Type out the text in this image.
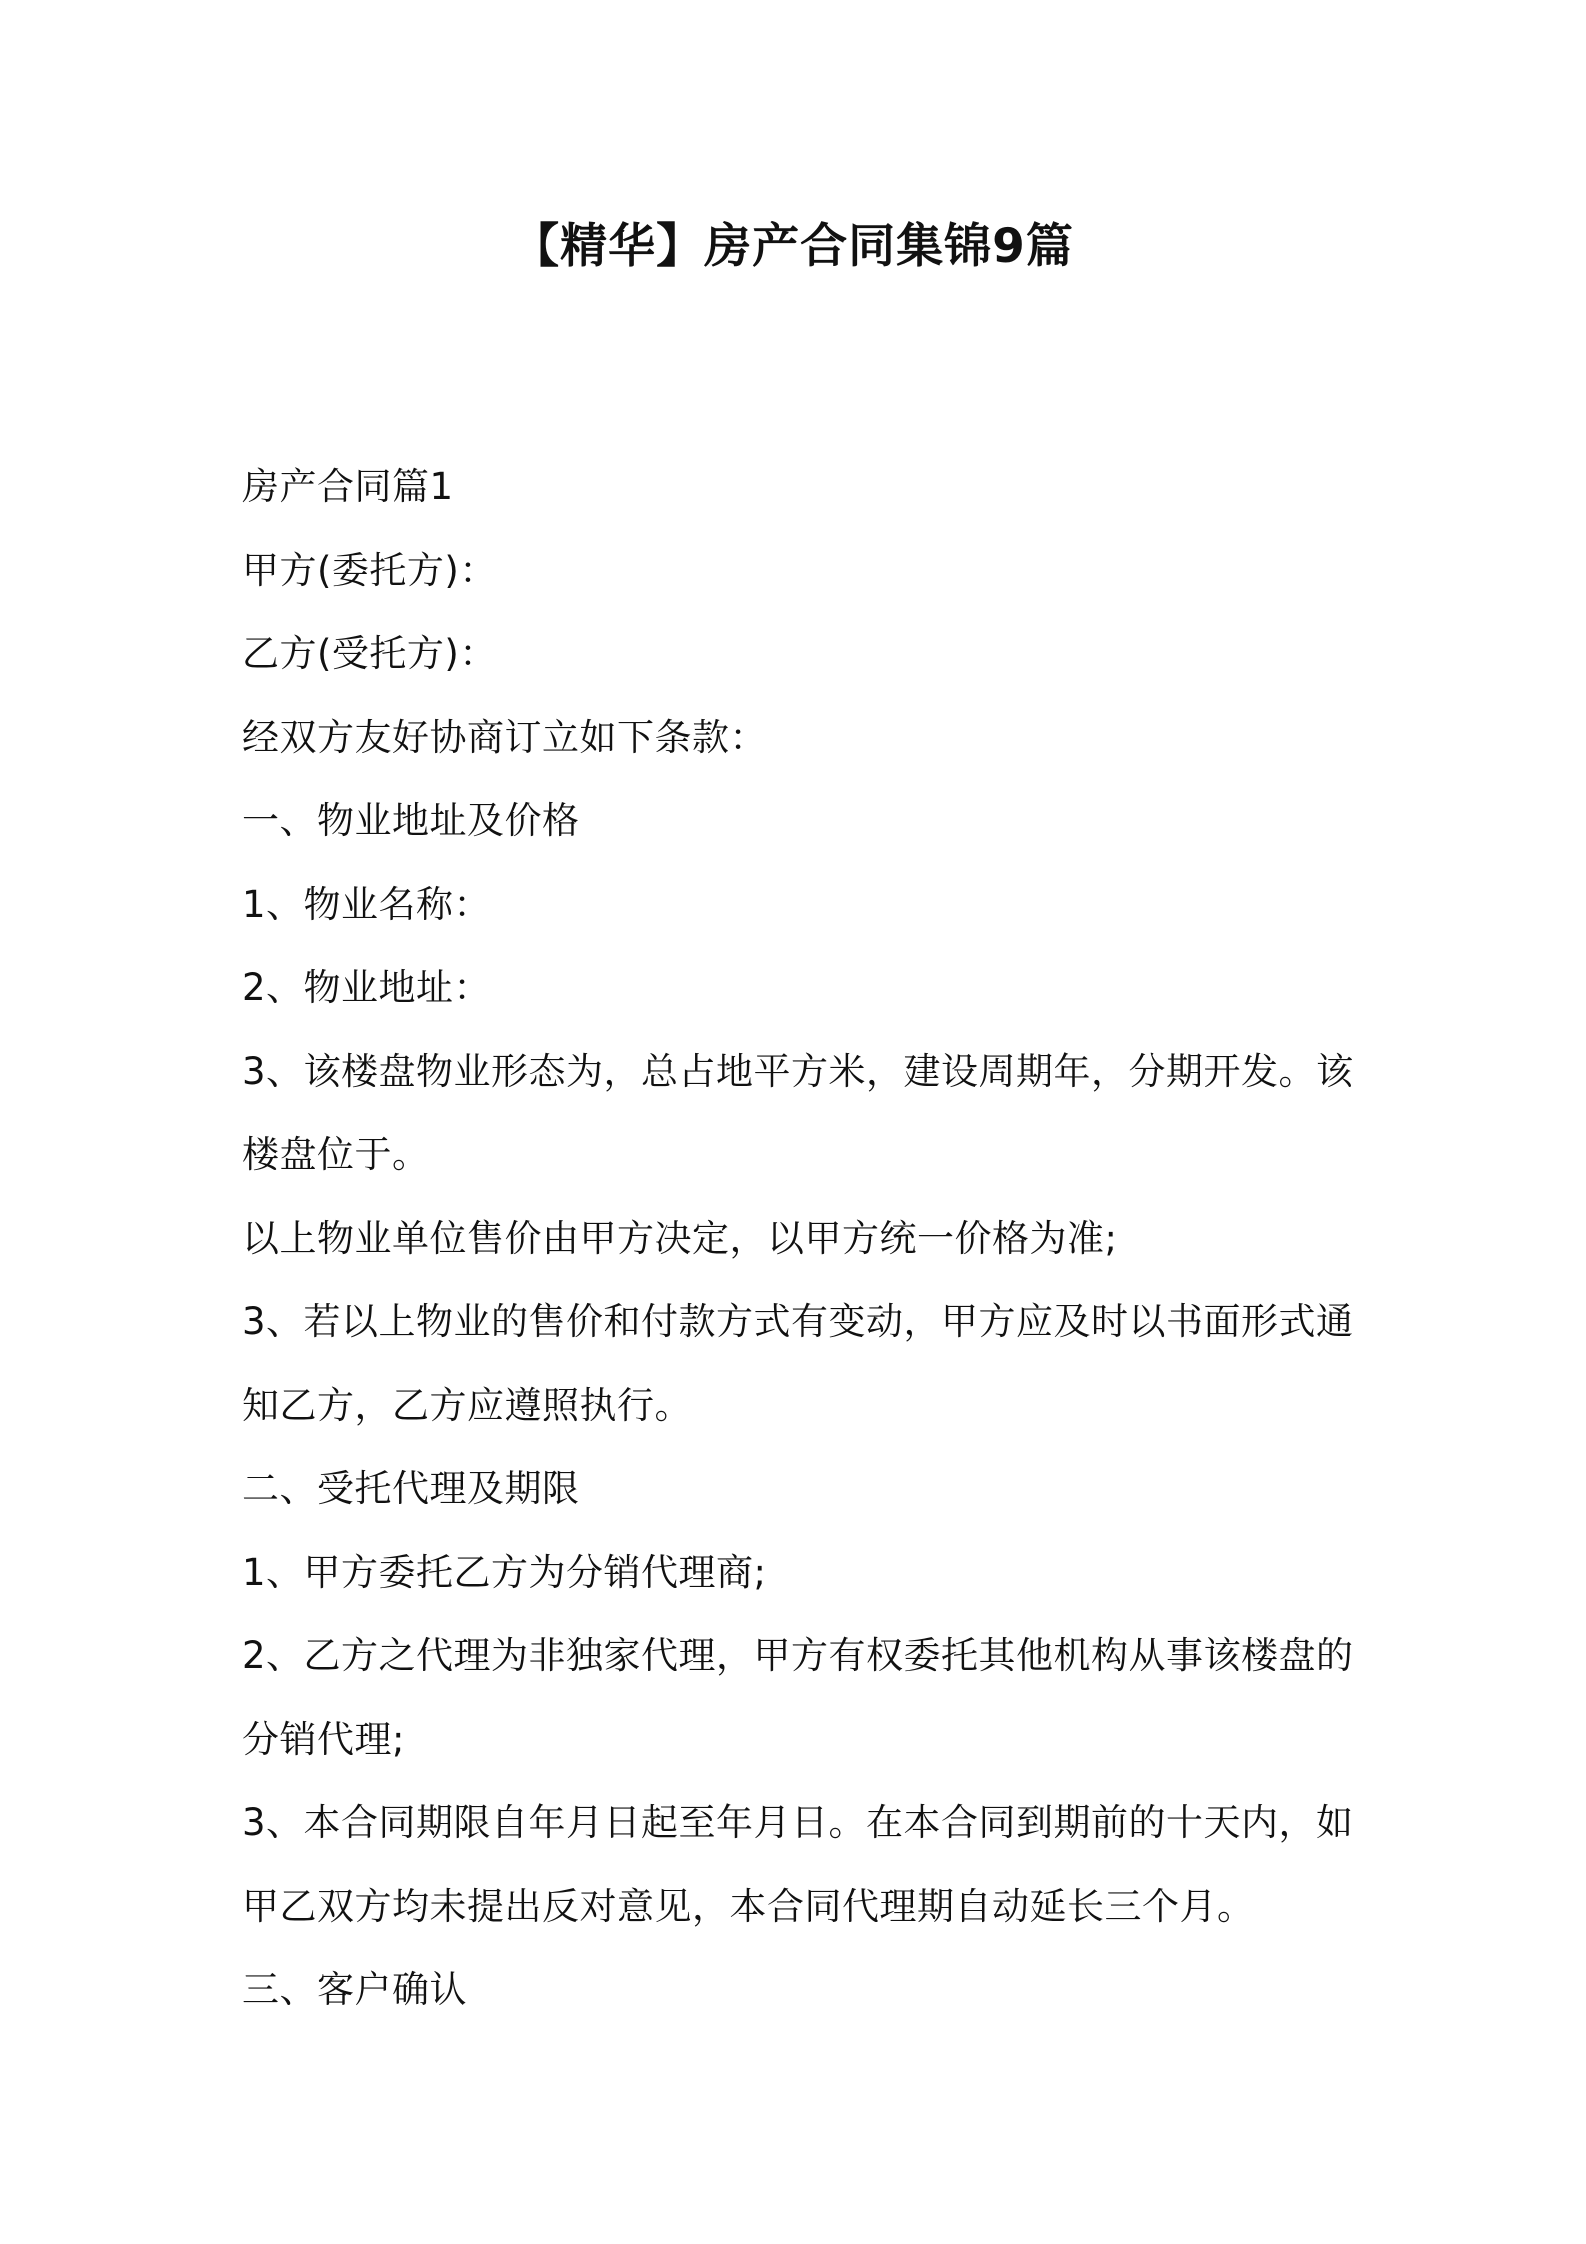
【精华】房产合同集锦9篇
房产合同篇1
甲方(委托方)：
乙方(受托方)：
经双方友好协商订立如下条款：
一、物业地址及价格
1、物业名称：
2、物业地址：
3、该楼盘物业形态为，总占地平方米，建设周期年，分期开发。该
楼盘位于。
以上物业单位售价由甲方决定，以甲方统一价格为准;
3、若以上物业的售价和付款方式有变动，甲方应及时以书面形式通
知乙方，乙方应遵照执行。
二、受托代理及期限
1、甲方委托乙方为分销代理商;
2、乙方之代理为非独家代理，甲方有权委托其他机构从事该楼盘的
分销代理;
3、本合同期限自年月日起至年月日。在本合同到期前的十天内，如
甲乙双方均未提出反对意见，本合同代理期自动延长三个月。
三、客户确认
